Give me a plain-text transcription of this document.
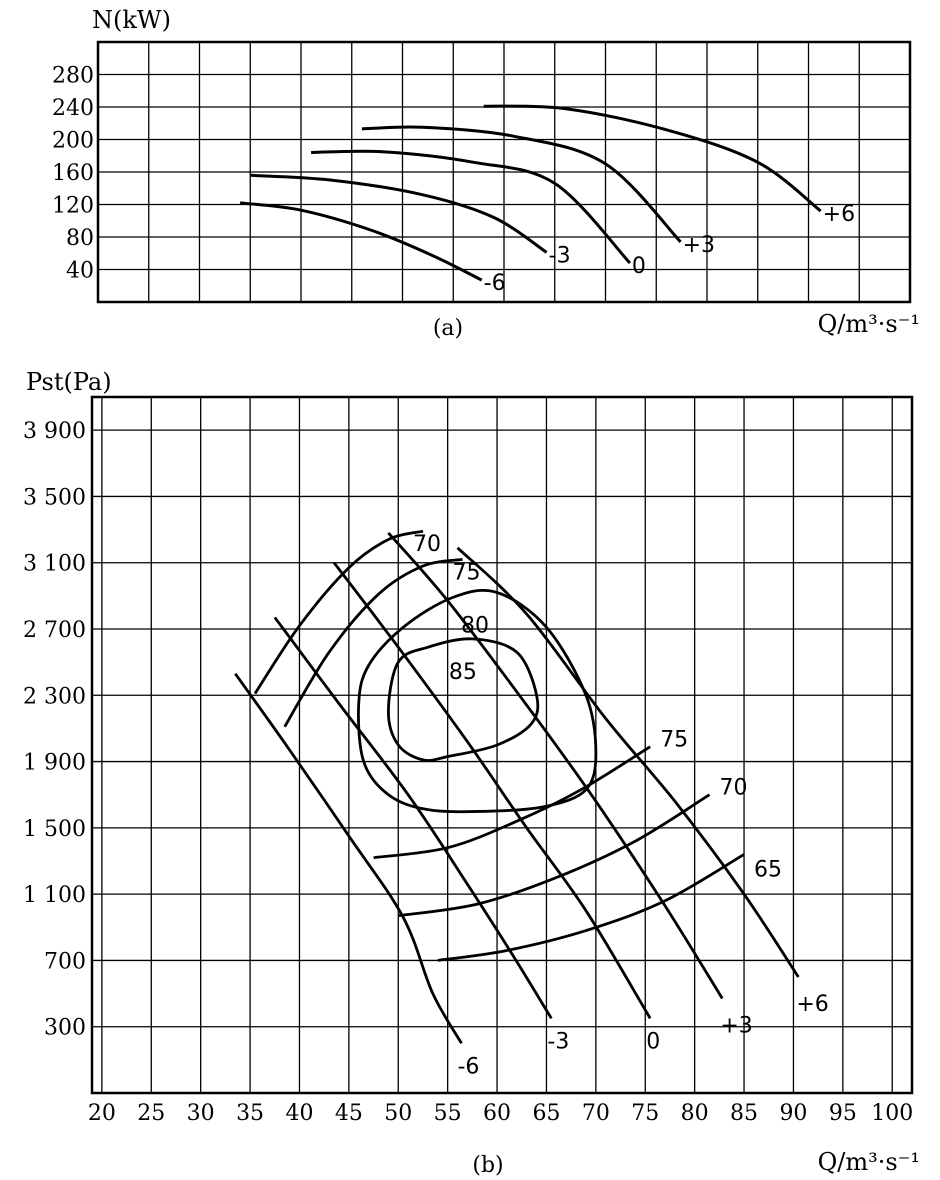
40
80
120
160
200
240
280
-6
-3	0
+3
+6
N(kW)
Q/m³·s⁻¹
(a)
300
700
1 100
1 500
1 900
2 300
2 700
3 100
3 500
3 900
20 25 30 35 40 45 50 55 60 65 70 75 80 85 90 95 100
-6
-3	0
+3
+6
70
75
75
70
65
80
85
Pst(Pa)
Q/m³·s⁻¹
(b)
